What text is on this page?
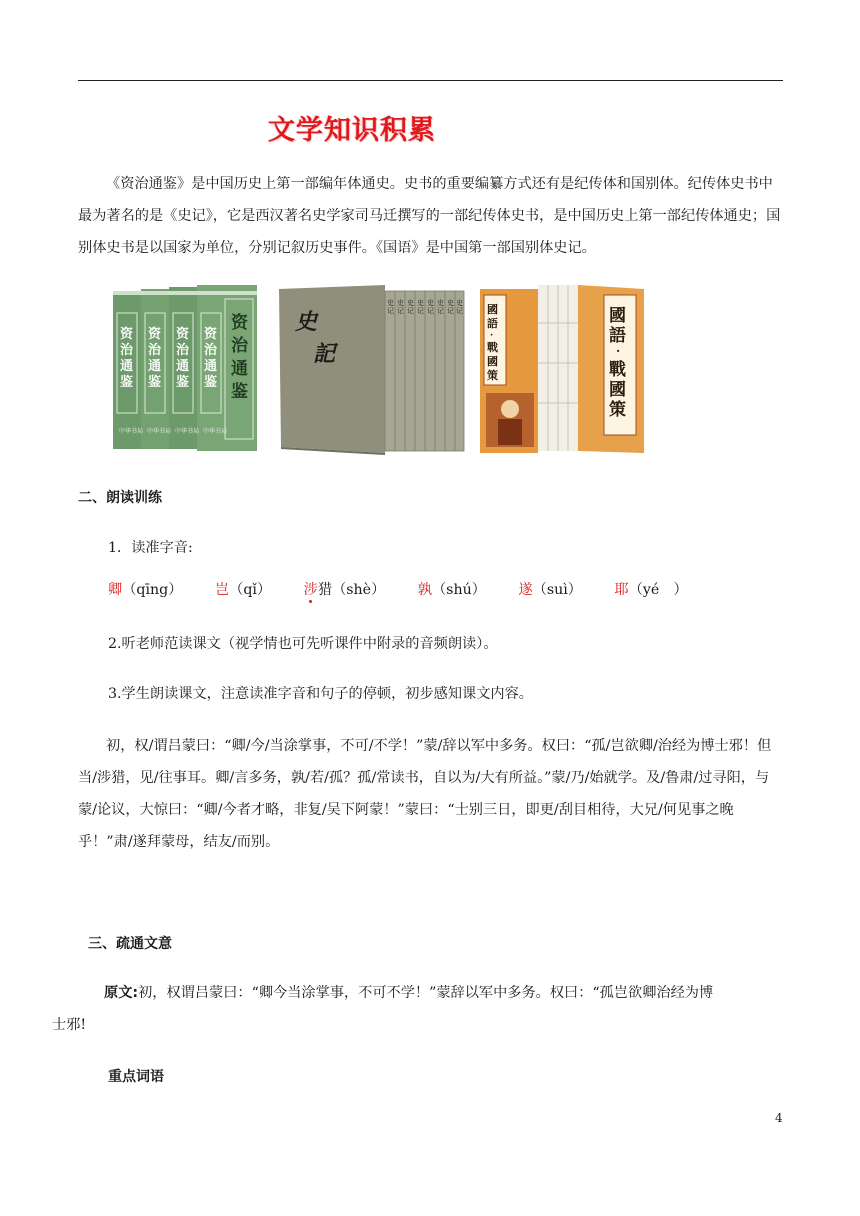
文学知识积累
《资治通鉴》是中国历史上第一部编年体通史。史书的重要编纂方式还有是纪传体和国别体。纪传体史书中最为著名的是《史记》，它是西汉著名史学家司马迁撰写的一部纪传体史书，是中国历史上第一部纪传体通史；国别体史书是以国家为单位，分别记叙历史事件。《国语》是中国第一部国别体史记。
资
治
通
鉴
资
治
通
鉴
资
治
通
鉴
资
治
通
鉴
资
治
通
鉴
中华书局 中华书局 中华书局 中华书局
史 史 史 史 史 史 史 史
记 记 记 记 记 记 记 记
史
記
國
語
·
戰
國
策
國
語
·
戰
國
策
二、朗读训练
1．读准字音:
卿（qīng） 岂（qǐ） 涉猎（shè） 孰（shú） 遂（suì） 耶（yé　）
2.听老师范读课文（视学情也可先听课件中附录的音频朗读）。
3.学生朗读课文，注意读准字音和句子的停顿，初步感知课文内容。
初，权/谓吕蒙曰：“卿/今/当涂掌事，不可/不学！”蒙/辞以军中多务。权曰：“孤/岂欲卿/治经为博士邪！但当/涉猎，见/往事耳。卿/言多务，孰/若/孤？孤/常读书，自以为/大有所益。”蒙/乃/始就学。及/鲁肃/过寻阳，与蒙/论议，大惊曰：“卿/今者才略，非复/吴下阿蒙！”蒙曰：“士别三日，即更/刮目相待，大兄/何见事之晚乎！”肃/遂拜蒙母，结友/而别。
三、疏通文意
原文:初，权谓吕蒙曰：“卿今当涂掌事，不可不学！”蒙辞以军中多务。权曰：“孤岂欲卿治经为博
士邪!
重点词语
4
